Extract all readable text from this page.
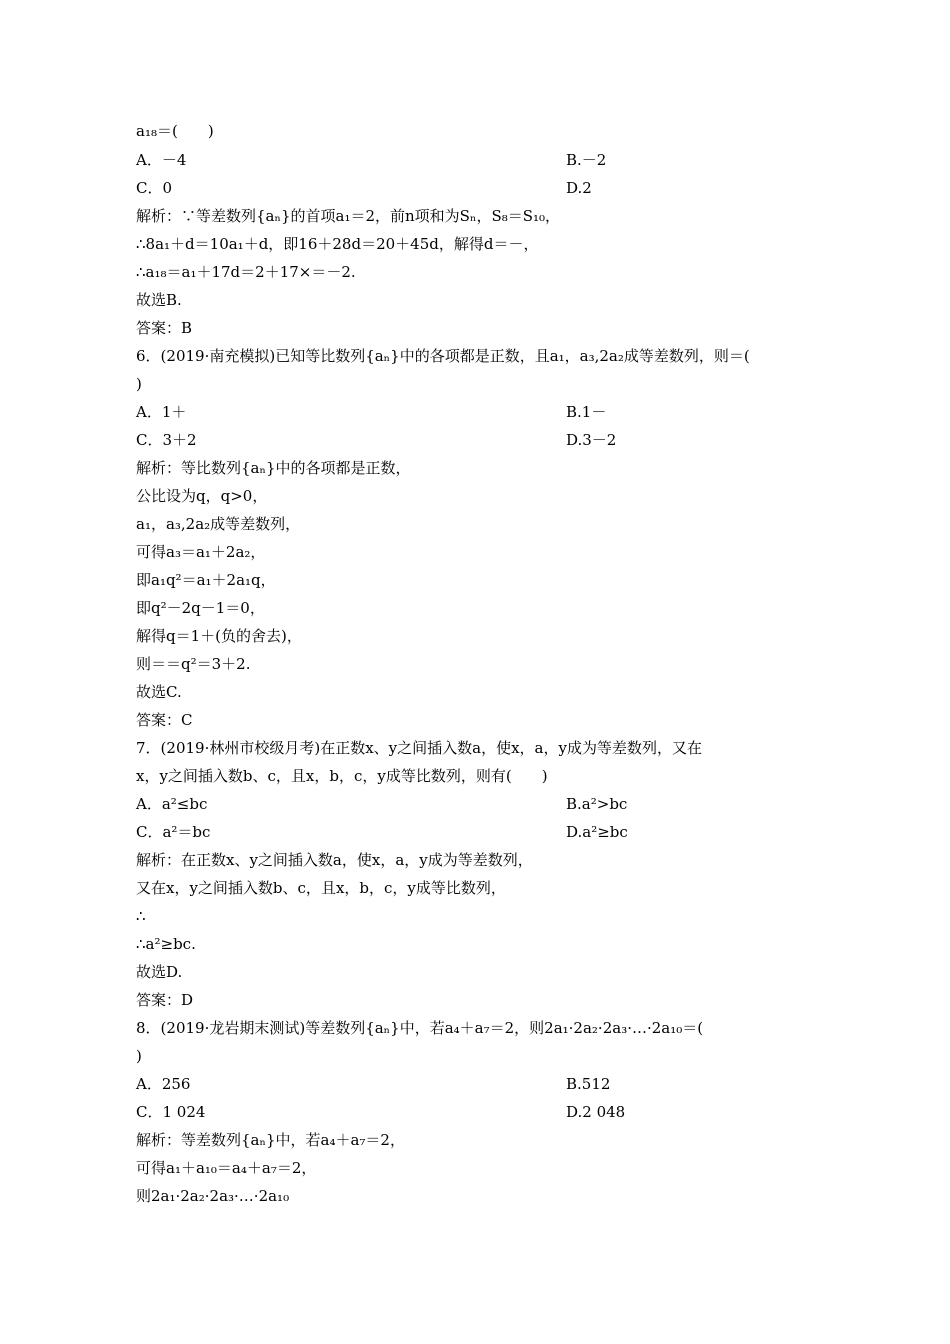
a₁₈＝(　　)
A．－4	B.－2
C．0	D.2
解析：∵等差数列{aₙ}的首项a₁＝2，前n项和为Sₙ，S₈＝S₁₀，
∴8a₁＋d＝10a₁＋d，即16＋28d＝20＋45d，解得d＝－，
∴a₁₈＝a₁＋17d＝2＋17×＝－2.
故选B.
答案：B
6．(2019·南充模拟)已知等比数列{aₙ}中的各项都是正数，且a₁，a₃,2a₂成等差数列，则＝(
)
A．1＋	B.1－
C．3＋2	D.3－2
解析：等比数列{aₙ}中的各项都是正数，
公比设为q，q>0，
a₁，a₃,2a₂成等差数列，
可得a₃＝a₁＋2a₂，
即a₁q²＝a₁＋2a₁q，
即q²－2q－1＝0，
解得q＝1＋(负的舍去)，
则＝＝q²＝3＋2.
故选C.
答案：C
7．(2019·林州市校级月考)在正数x、y之间插入数a，使x，a，y成为等差数列，又在
x，y之间插入数b、c，且x，b，c，y成等比数列，则有(　　)
A．a²≤bc	B.a²>bc
C．a²＝bc	D.a²≥bc
解析：在正数x、y之间插入数a，使x，a，y成为等差数列，
又在x，y之间插入数b、c，且x，b，c，y成等比数列，
∴
∴a²≥bc.
故选D.
答案：D
8．(2019·龙岩期末测试)等差数列{aₙ}中，若a₄＋a₇＝2，则2a₁·2a₂·2a₃·…·2a₁₀＝(
)
A．256	B.512
C．1 024	D.2 048
解析：等差数列{aₙ}中，若a₄＋a₇＝2，
可得a₁＋a₁₀＝a₄＋a₇＝2，
则2a₁·2a₂·2a₃·…·2a₁₀
